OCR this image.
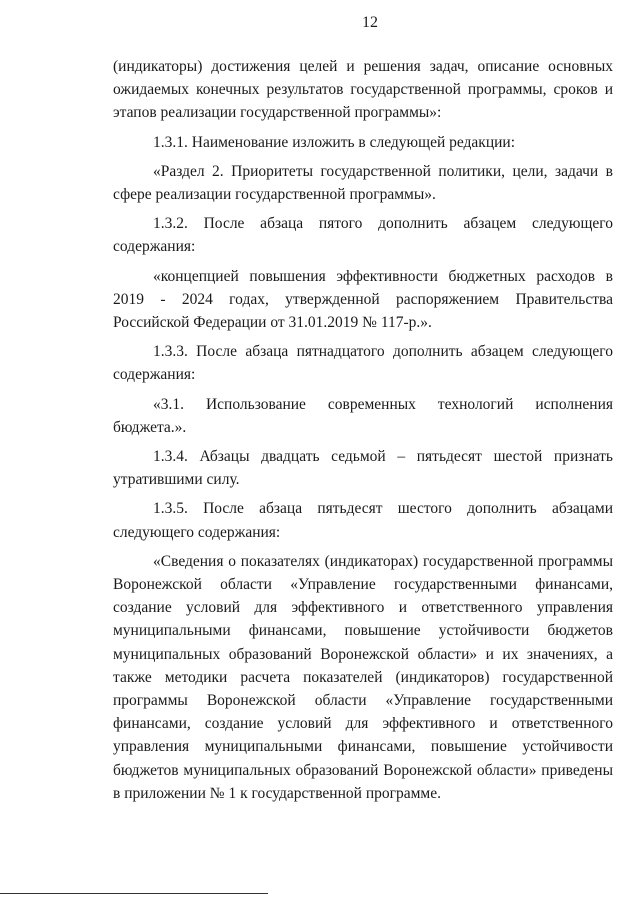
12

(индикаторы) достижения целей и решения задач, описание основных ожидаемых конечных результатов государственной программы, сроков и этапов реализации государственной программы»:

1.3.1. Наименование изложить в следующей редакции:

«Раздел 2. Приоритеты государственной политики, цели, задачи в сфере реализации государственной программы».

1.3.2. После абзаца пятого дополнить абзацем следующего содержания:

«концепцией повышения эффективности бюджетных расходов в 2019 - 2024 годах, утвержденной распоряжением Правительства Российской Федерации от 31.01.2019 № 117-р.».

1.3.3. После абзаца пятнадцатого дополнить абзацем следующего содержания:

«3.1. Использование современных технологий исполнения бюджета.».

1.3.4. Абзацы двадцать седьмой – пятьдесят шестой признать утратившими силу.

1.3.5. После абзаца пятьдесят шестого дополнить абзацами следующего содержания:

«Сведения о показателях (индикаторах) государственной программы Воронежской области «Управление государственными финансами, создание условий для эффективного и ответственного управления муниципальными финансами, повышение устойчивости бюджетов муниципальных образований Воронежской области» и их значениях, а также методики расчета показателей (индикаторов) государственной программы Воронежской области «Управление государственными финансами, создание условий для эффективного и ответственного управления муниципальными финансами, повышение устойчивости бюджетов муниципальных образований Воронежской области» приведены в приложении № 1 к государственной программе.
